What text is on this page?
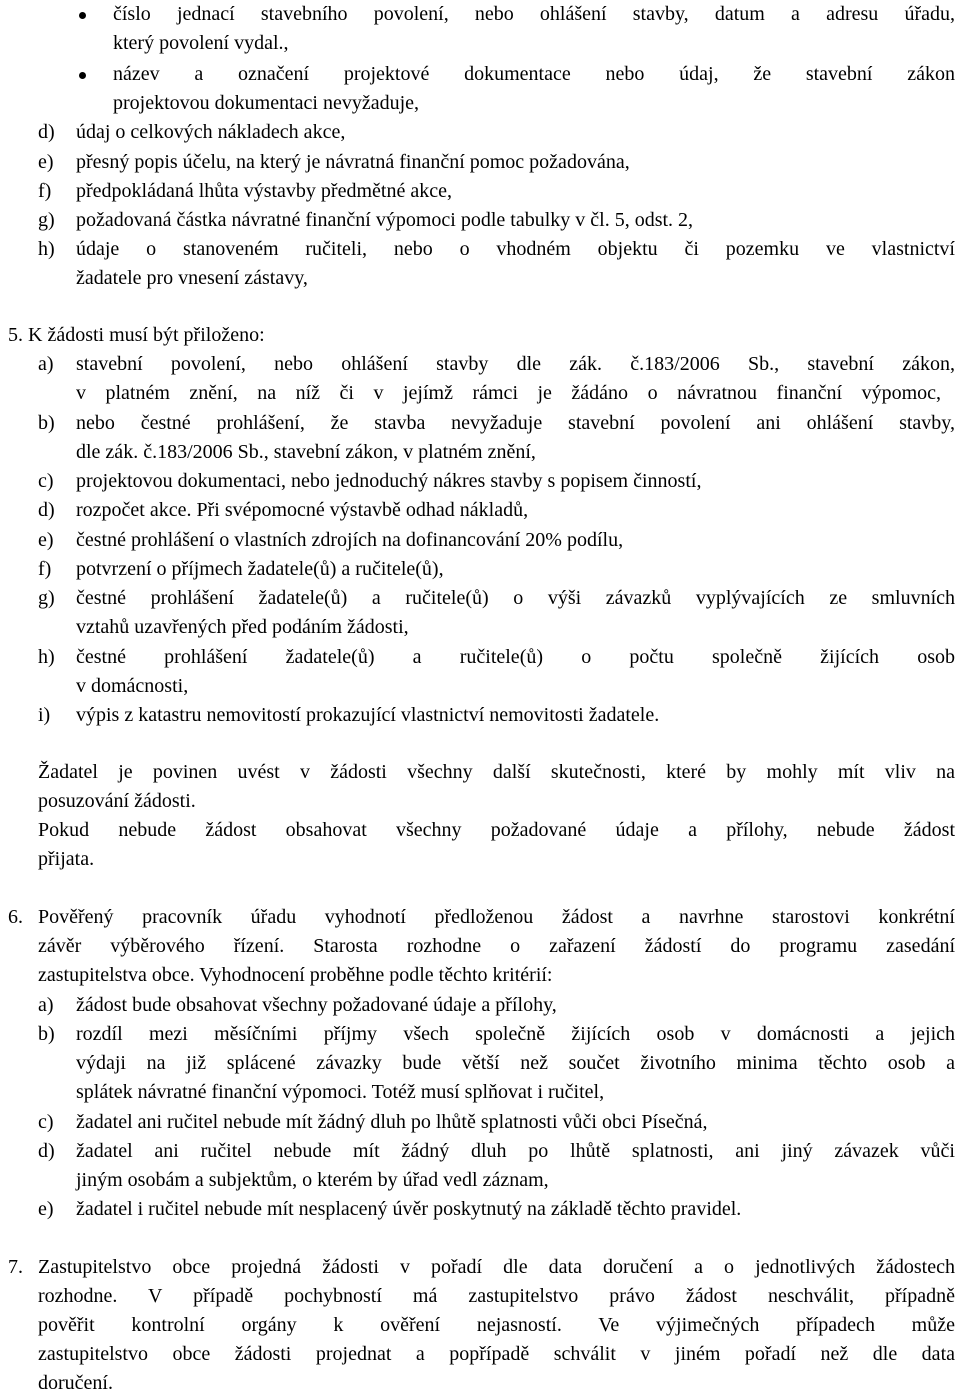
číslo jednací stavebního povolení, nebo ohlášení stavby, datum a adresu úřadu,
který povolení vydal.,
název a označení projektové dokumentace nebo údaj, že stavební zákon
projektovou dokumentaci nevyžaduje,
d) údaj o celkových nákladech akce,
e) přesný popis účelu, na který je návratná finanční pomoc požadována,
f) předpokládaná lhůta výstavby předmětné akce,
g) požadovaná částka návratné finanční výpomoci podle tabulky v čl. 5, odst. 2,
h) údaje o stanoveném ručiteli, nebo o vhodném objektu či pozemku ve vlastnictví
žadatele pro vnesení zástavy,
5. K žádosti musí být přiloženo:
a) stavební povolení, nebo ohlášení stavby dle zák. č.183/2006 Sb., stavební zákon,
v platném znění, na níž či v jejímž rámci je žádáno o návratnou finanční výpomoc,
b) nebo čestné prohlášení, že stavba nevyžaduje stavební povolení ani ohlášení stavby,
dle zák. č.183/2006 Sb., stavební zákon, v platném znění,
c) projektovou dokumentaci, nebo jednoduchý nákres stavby s popisem činností,
d) rozpočet akce. Při svépomocné výstavbě odhad nákladů,
e) čestné prohlášení o vlastních zdrojích na dofinancování 20% podílu,
f) potvrzení o příjmech žadatele(ů) a ručitele(ů),
g) čestné prohlášení žadatele(ů) a ručitele(ů) o výši závazků vyplývajících ze smluvních
vztahů uzavřených před podáním žádosti,
h) čestné prohlášení žadatele(ů) a ručitele(ů) o počtu společně žijících osob
v domácnosti,
i) výpis z katastru nemovitostí prokazující vlastnictví nemovitosti žadatele.
Žadatel je povinen uvést v žádosti všechny další skutečnosti, které by mohly mít vliv na
posuzování žádosti.
Pokud nebude žádost obsahovat všechny požadované údaje a přílohy, nebude žádost
přijata.
6. Pověřený pracovník úřadu vyhodnotí předloženou žádost a navrhne starostovi konkrétní
závěr výběrového řízení. Starosta rozhodne o zařazení žádostí do programu zasedání
zastupitelstva obce. Vyhodnocení proběhne podle těchto kritérií:
a) žádost bude obsahovat všechny požadované údaje a přílohy,
b) rozdíl mezi měsíčními příjmy všech společně žijících osob v domácnosti a jejich
výdaji na již splácené závazky bude větší než součet životního minima těchto osob a
splátek návratné finanční výpomoci. Totéž musí splňovat i ručitel,
c) žadatel ani ručitel nebude mít žádný dluh po lhůtě splatnosti vůči obci Písečná,
d) žadatel ani ručitel nebude mít žádný dluh po lhůtě splatnosti, ani jiný závazek vůči
jiným osobám a subjektům, o kterém by úřad vedl záznam,
e) žadatel i ručitel nebude mít nesplacený úvěr poskytnutý na základě těchto pravidel.
7. Zastupitelstvo obce projedná žádosti v pořadí dle data doručení a o jednotlivých žádostech
rozhodne. V případě pochybností má zastupitelstvo právo žádost neschválit, případně
pověřit kontrolní orgány k ověření nejasností. Ve výjimečných případech může
zastupitelstvo obce žádosti projednat a popřípadě schválit v jiném pořadí než dle data
doručení.
